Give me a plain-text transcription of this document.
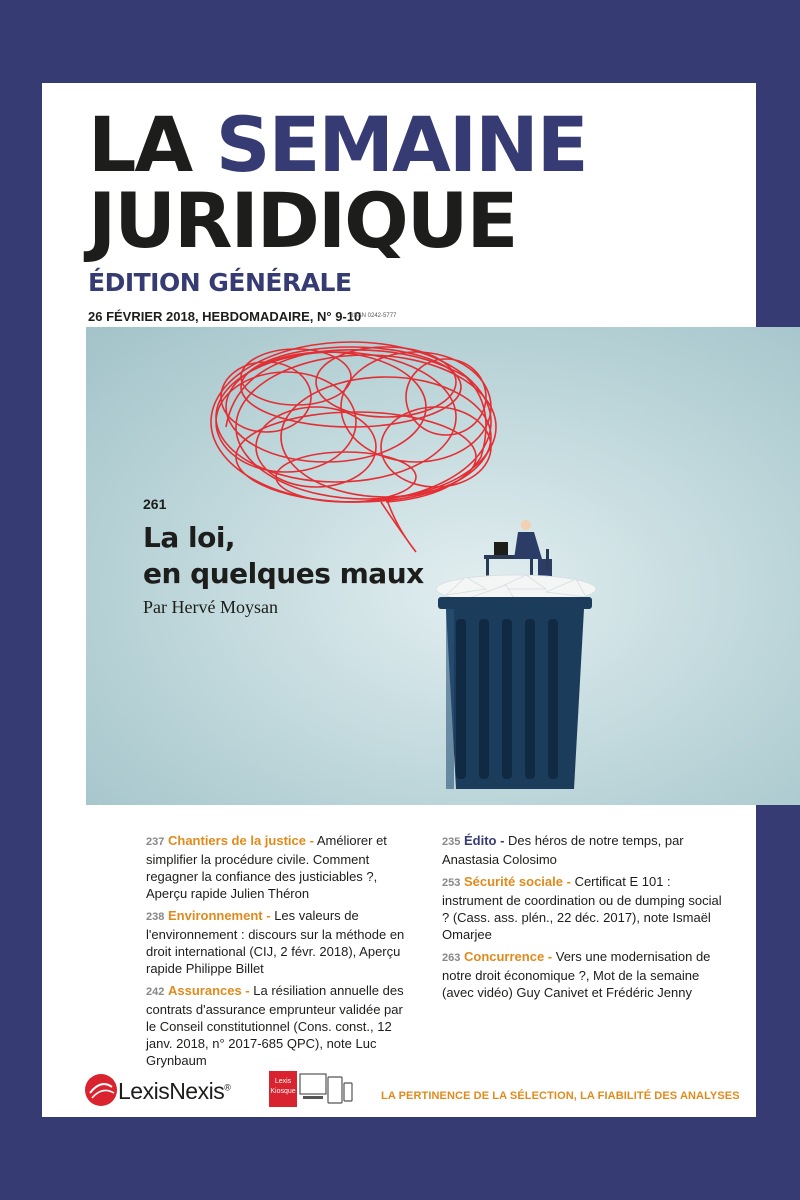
LA SEMAINE
JURIDIQUE
ÉDITION GÉNÉRALE
26 FÉVRIER 2018, HEBDOMADAIRE, N° 9-10
ISSN 0242-5777
261
La loi,
en quelques maux
Par Hervé Moysan
237 Chantiers de la justice - Améliorer et simplifier la procédure civile. Comment regagner la confiance des justiciables ?, Aperçu rapide Julien Théron
238 Environnement - Les valeurs de l'environnement : discours sur la méthode en droit international (CIJ, 2 févr. 2018), Aperçu rapide Philippe Billet
242 Assurances - La résiliation annuelle des contrats d'assurance emprunteur validée par le Conseil constitutionnel (Cons. const., 12 janv. 2018, n° 2017-685 QPC), note Luc Grynbaum
235 Édito - Des héros de notre temps, par Anastasia Colosimo
253 Sécurité sociale - Certificat E 101 : instrument de coordination ou de dumping social ? (Cass. ass. plén., 22 déc. 2017), note Ismaël Omarjee
263 Concurrence - Vers une modernisation de notre droit économique ?, Mot de la semaine (avec vidéo) Guy Canivet et Frédéric Jenny
LexisNexis®
Lexis
Kiosque	LA PERTINENCE DE LA SÉLECTION, LA FIABILITÉ DES ANALYSES
